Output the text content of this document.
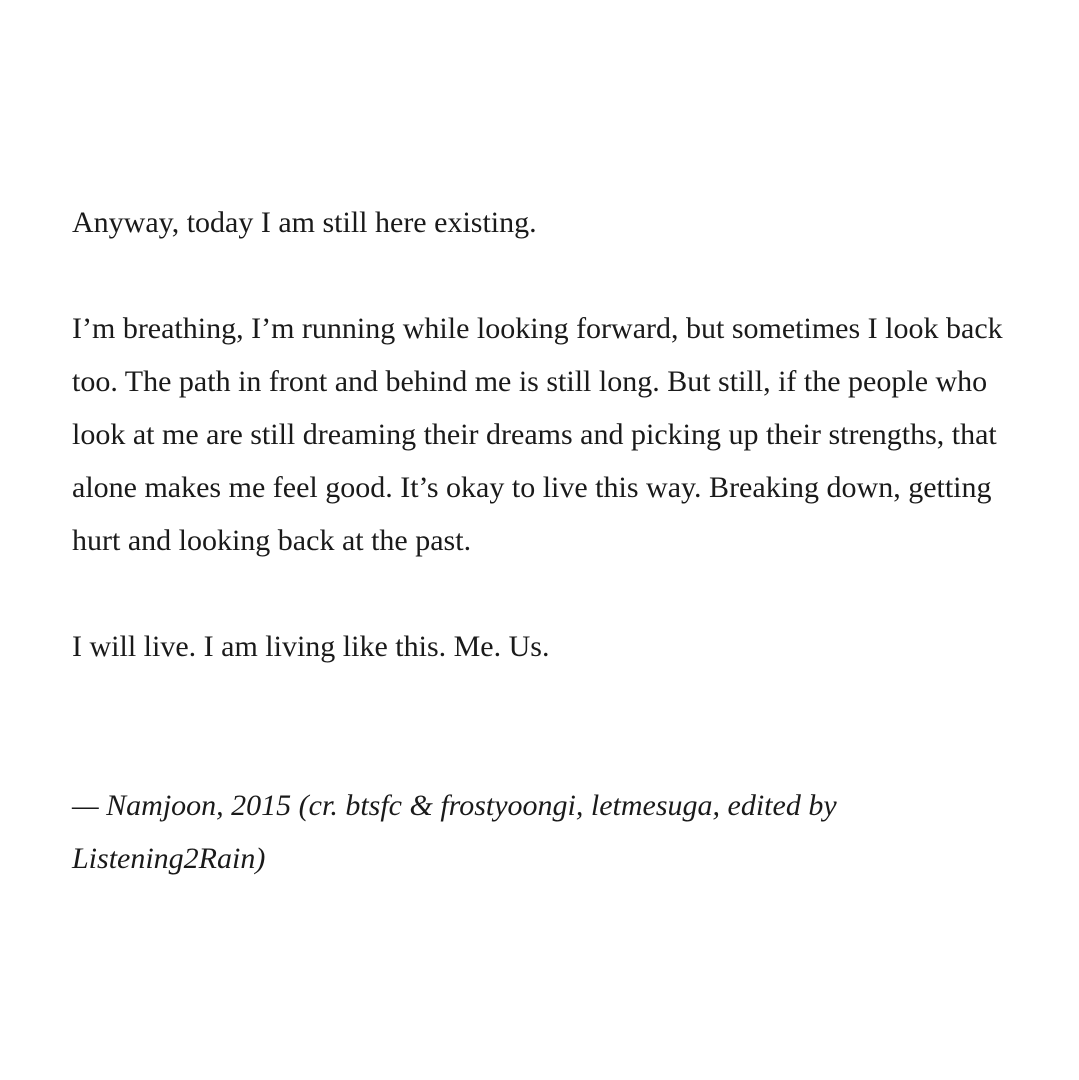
Anyway, today I am still here existing.

I’m breathing, I’m running while looking forward, but sometimes I look back too. The path in front and behind me is still long. But still, if the people who look at me are still dreaming their dreams and picking up their strengths, that alone makes me feel good. It’s okay to live this way. Breaking down, getting hurt and looking back at the past.

I will live. I am living like this. Me. Us.

— Namjoon, 2015 (cr. btsfc & frostyoongi, letmesuga, edited by Listening2Rain)
